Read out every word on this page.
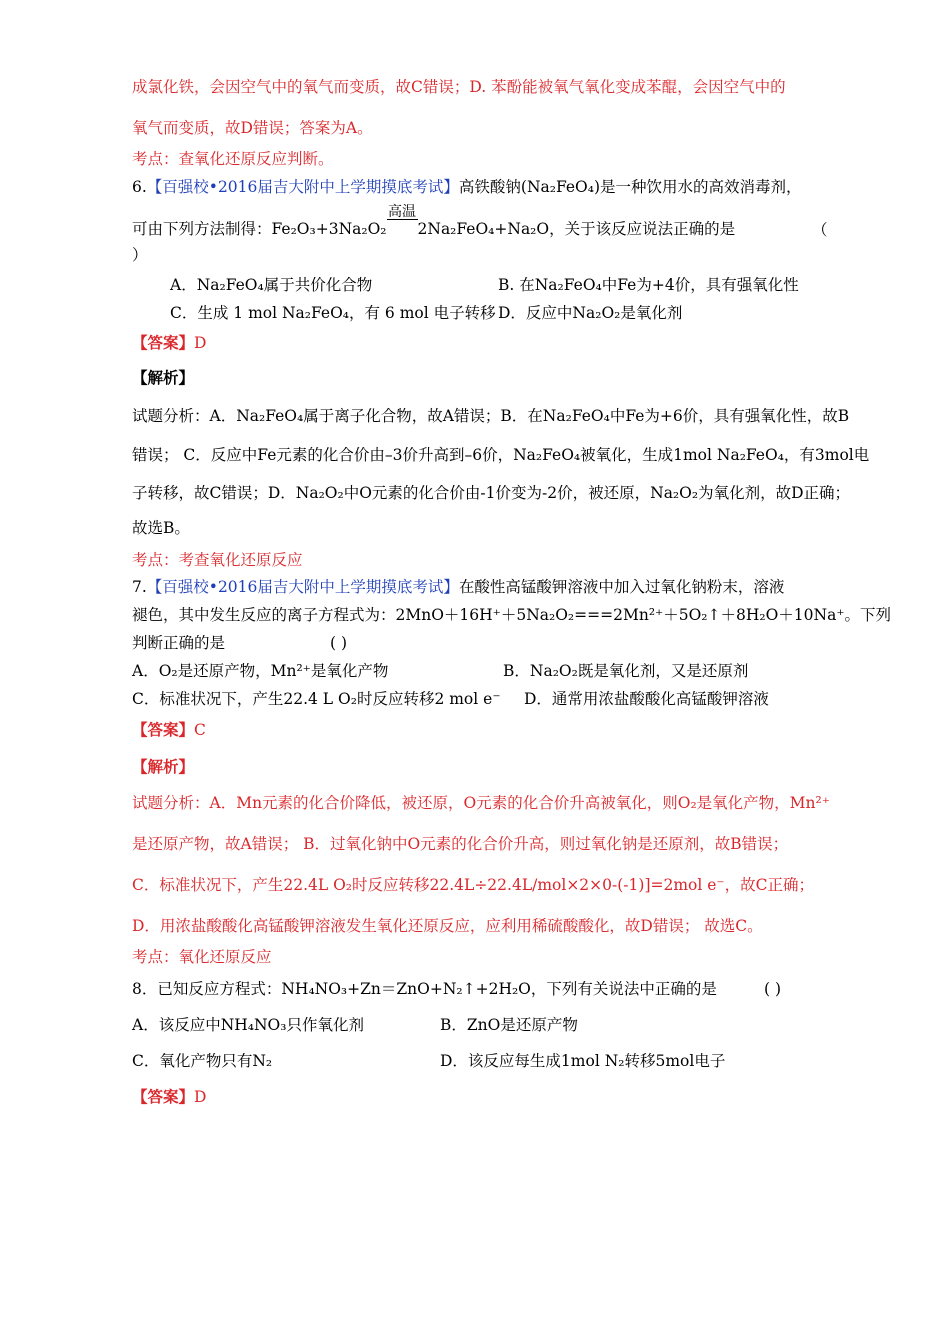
成氯化铁，会因空气中的氧气而变质，故C错误；D. 苯酚能被氧气氧化变成苯醌，会因空气中的
氧气而变质，故D错误；答案为A。
考点：查氧化还原反应判断。
6.【百强校•2016届吉大附中上学期摸底考试】高铁酸钠(Na₂FeO₄)是一种饮用水的高效消毒剂，
可由下列方法制得：Fe₂O₃+3Na₂O₂
高温
  2Na₂FeO₄+Na₂O，关于该反应说法正确的是	（
）
A．Na₂FeO₄属于共价化合物	B. 在Na₂FeO₄中Fe为+4价，具有强氧化性
C．生成 1 mol Na₂FeO₄，有 6 mol 电子转移 D．反应中Na₂O₂是氧化剂
【答案】D
【解析】
试题分析：A．Na₂FeO₄属于离子化合物，故A错误；B．在Na₂FeO₄中Fe为+6价，具有强氧化性，故B
错误； C．反应中Fe元素的化合价由–3价升高到–6价，Na₂FeO₄被氧化，生成1mol Na₂FeO₄，有3mol电
子转移，故C错误；D．Na₂O₂中O元素的化合价由-1价变为-2价，被还原，Na₂O₂为氧化剂，故D正确；
故选B。
考点：考查氧化还原反应
7.【百强校•2016届吉大附中上学期摸底考试】在酸性高锰酸钾溶液中加入过氧化钠粉末，溶液
褪色，其中发生反应的离子方程式为：2MnO＋16H⁺＋5Na₂O₂===2Mn²⁺＋5O₂↑＋8H₂O＋10Na⁺。下列
判断正确的是	( )
A．O₂是还原产物，Mn²⁺是氧化产物	B．Na₂O₂既是氧化剂，又是还原剂
C．标准状况下，产生22.4 L O₂时反应转移2 mol e⁻ D．通常用浓盐酸酸化高锰酸钾溶液
【答案】C
【解析】
试题分析：A．Mn元素的化合价降低，被还原，O元素的化合价升高被氧化，则O₂是氧化产物，Mn²⁺
是还原产物，故A错误； B．过氧化钠中O元素的化合价升高，则过氧化钠是还原剂，故B错误；
C．标准状况下，产生22.4L O₂时反应转移22.4L÷22.4L/mol×2×0-(-1)]=2mol e⁻，故C正确；
D．用浓盐酸酸化高锰酸钾溶液发生氧化还原反应，应利用稀硫酸酸化，故D错误； 故选C。
考点：氧化还原反应
8．已知反应方程式：NH₄NO₃+Zn＝ZnO+N₂↑+2H₂O，下列有关说法中正确的是	( )
A．该反应中NH₄NO₃只作氧化剂	B．ZnO是还原产物
C．氧化产物只有N₂	D．该反应每生成1mol N₂转移5mol电子
【答案】D
